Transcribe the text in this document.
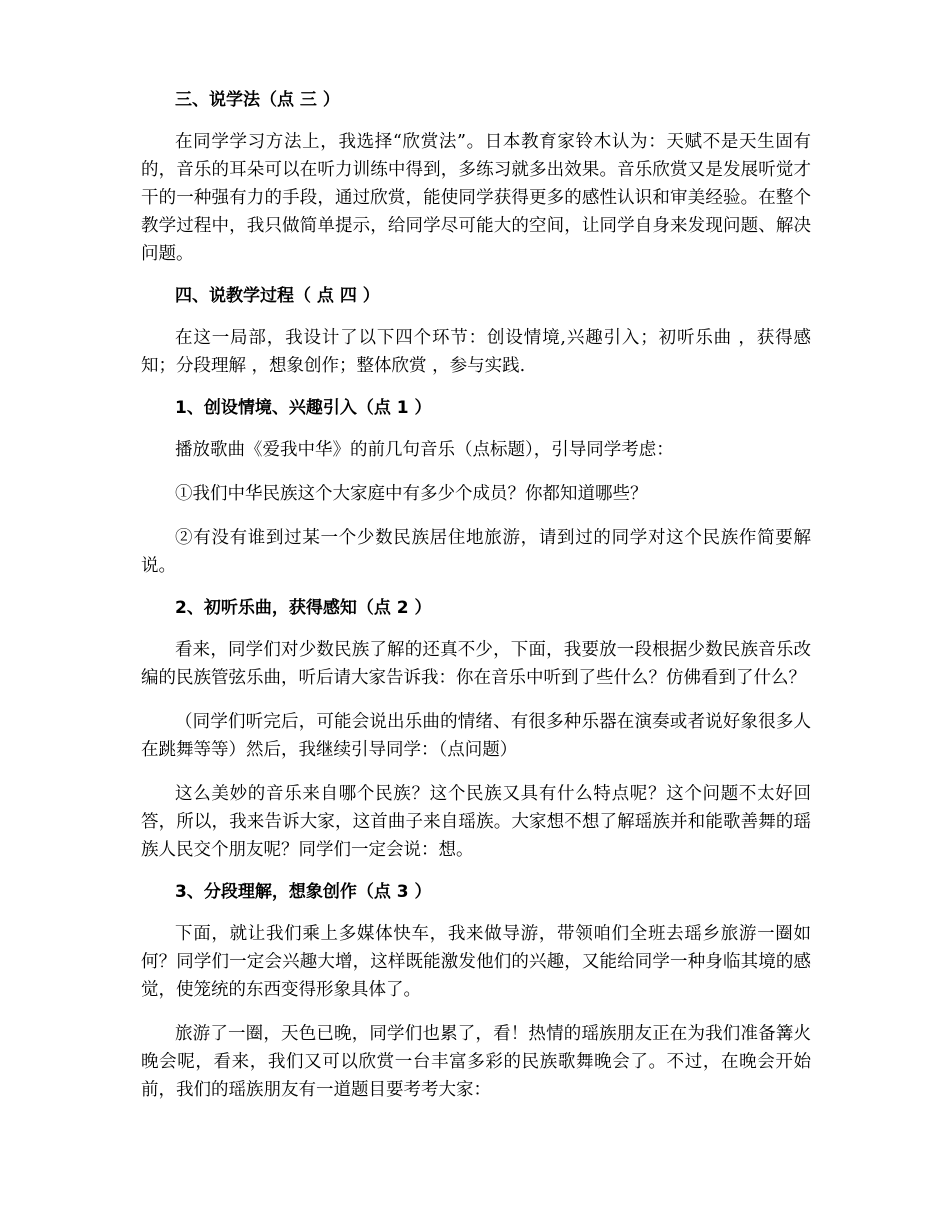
三、说学法（点 三 ）

在同学学习方法上，我选择“欣赏法”。日本教育家铃木认为：天赋不是天生固有的，音乐的耳朵可以在听力训练中得到，多练习就多出效果。音乐欣赏又是发展听觉才干的一种强有力的手段，通过欣赏，能使同学获得更多的感性认识和审美经验。在整个教学过程中，我只做简单提示，给同学尽可能大的空间，让同学自身来发现问题、解决问题。

四、说教学过程（ 点 四 ）

在这一局部，我设计了以下四个环节：创设情境,兴趣引入；初听乐曲 ，获得感知；分段理解 ，想象创作；整体欣赏 ，参与实践.

1、创设情境、兴趣引入（点 1 ）

播放歌曲《爱我中华》的前几句音乐（点标题），引导同学考虑：

①我们中华民族这个大家庭中有多少个成员？你都知道哪些？

②有没有谁到过某一个少数民族居住地旅游，请到过的同学对这个民族作简要解说。

2、初听乐曲，获得感知（点 2 ）

看来，同学们对少数民族了解的还真不少，下面，我要放一段根据少数民族音乐改编的民族管弦乐曲，听后请大家告诉我：你在音乐中听到了些什么？仿佛看到了什么？

（同学们听完后，可能会说出乐曲的情绪、有很多种乐器在演奏或者说好象很多人在跳舞等等）然后，我继续引导同学：（点问题）

这么美妙的音乐来自哪个民族？这个民族又具有什么特点呢？这个问题不太好回答，所以，我来告诉大家，这首曲子来自瑶族。大家想不想了解瑶族并和能歌善舞的瑶族人民交个朋友呢？同学们一定会说：想。

3、分段理解，想象创作（点 3 ）

下面，就让我们乘上多媒体快车，我来做导游，带领咱们全班去瑶乡旅游一圈如何？同学们一定会兴趣大增，这样既能激发他们的兴趣，又能给同学一种身临其境的感觉，使笼统的东西变得形象具体了。

旅游了一圈，天色已晚，同学们也累了，看！热情的瑶族朋友正在为我们准备篝火晚会呢，看来，我们又可以欣赏一台丰富多彩的民族歌舞晚会了。不过，在晚会开始前，我们的瑶族朋友有一道题目要考考大家：
